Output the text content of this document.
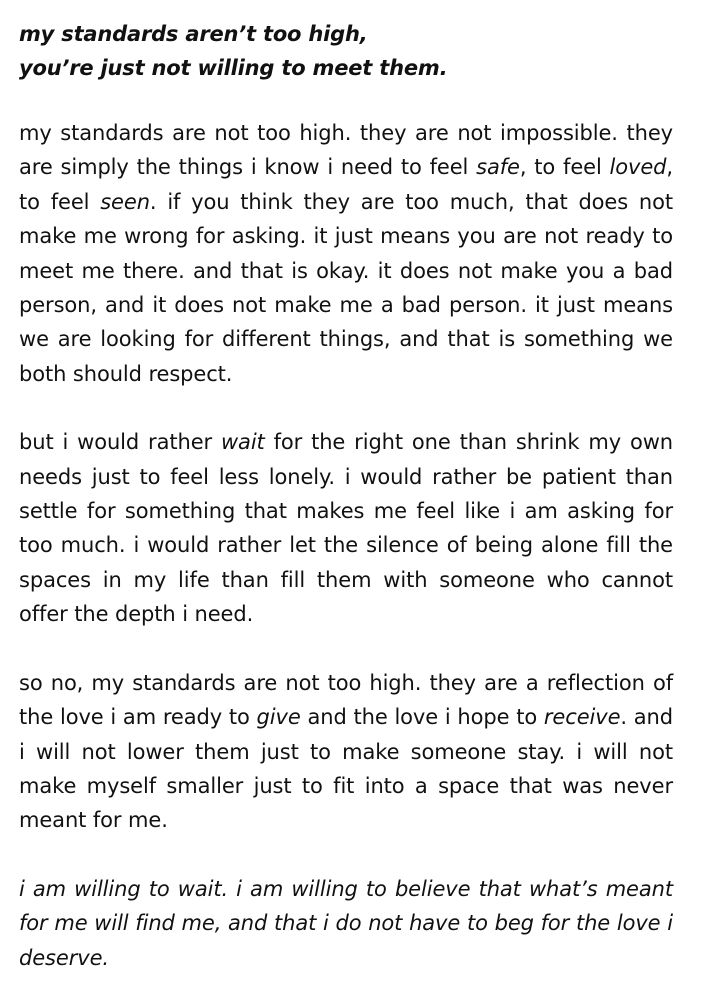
my standards aren’t too high,
you’re just not willing to meet them.

my standards are not too high. they are not impossible. they are simply the things i know i need to feel safe, to feel loved, to feel seen. if you think they are too much, that does not make me wrong for asking. it just means you are not ready to meet me there. and that is okay. it does not make you a bad person, and it does not make me a bad person. it just means we are looking for different things, and that is something we both should respect.

but i would rather wait for the right one than shrink my own needs just to feel less lonely. i would rather be patient than settle for something that makes me feel like i am asking for too much. i would rather let the silence of being alone fill the spaces in my life than fill them with someone who cannot offer the depth i need.

so no, my standards are not too high. they are a reflection of the love i am ready to give and the love i hope to receive. and i will not lower them just to make someone stay. i will not make myself smaller just to fit into a space that was never meant for me.

i am willing to wait. i am willing to believe that what’s meant for me will find me, and that i do not have to beg for the love i deserve.
